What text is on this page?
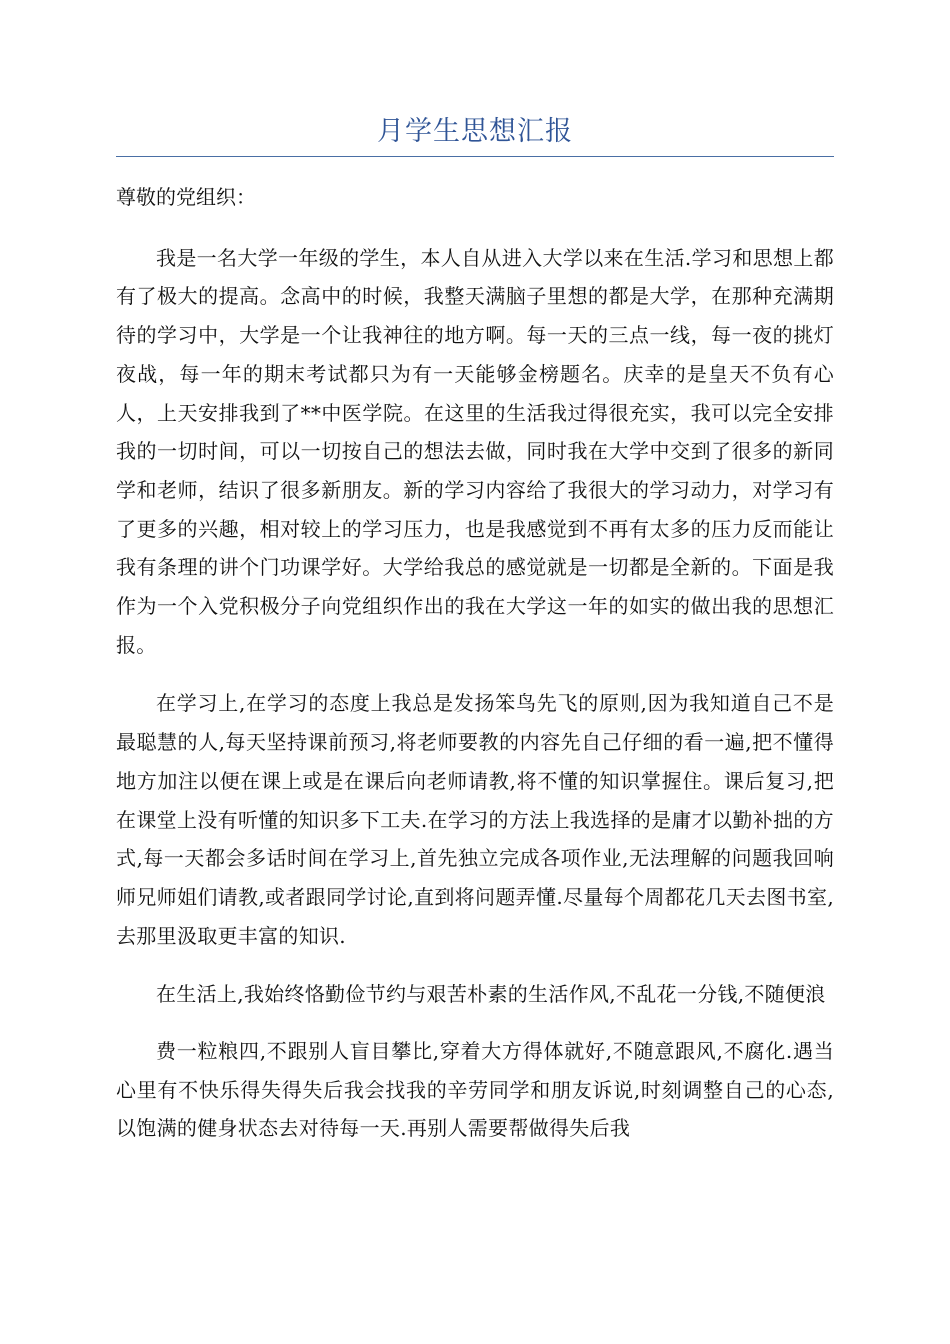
月学生思想汇报

尊敬的党组织：

我是一名大学一年级的学生，本人自从进入大学以来在生活.学习和思想上都有了极大的提高。念高中的时候，我整天满脑子里想的都是大学，在那种充满期待的学习中，大学是一个让我神往的地方啊。每一天的三点一线，每一夜的挑灯夜战，每一年的期末考试都只为有一天能够金榜题名。庆幸的是皇天不负有心人，上天安排我到了**中医学院。在这里的生活我过得很充实，我可以完全安排我的一切时间，可以一切按自己的想法去做，同时我在大学中交到了很多的新同学和老师，结识了很多新朋友。新的学习内容给了我很大的学习动力，对学习有了更多的兴趣，相对较上的学习压力，也是我感觉到不再有太多的压力反而能让我有条理的讲个门功课学好。大学给我总的感觉就是一切都是全新的。下面是我作为一个入党积极分子向党组织作出的我在大学这一年的如实的做出我的思想汇报。

在学习上,在学习的态度上我总是发扬笨鸟先飞的原则,因为我知道自己不是最聪慧的人,每天坚持课前预习,将老师要教的内容先自己仔细的看一遍,把不懂得地方加注以便在课上或是在课后向老师请教,将不懂的知识掌握住。课后复习,把在课堂上没有听懂的知识多下工夫.在学习的方法上我选择的是庸才以勤补拙的方式,每一天都会多话时间在学习上,首先独立完成各项作业,无法理解的问题我回响师兄师姐们请教,或者跟同学讨论,直到将问题弄懂.尽量每个周都花几天去图书室,去那里汲取更丰富的知识.

在生活上,我始终恪勤俭节约与艰苦朴素的生活作风,不乱花一分钱,不随便浪

费一粒粮四,不跟别人盲目攀比,穿着大方得体就好,不随意跟风,不腐化.遇当心里有不快乐得失得失后我会找我的辛劳同学和朋友诉说,时刻调整自己的心态,以饱满的健身状态去对待每一天.再别人需要帮做得失后我
